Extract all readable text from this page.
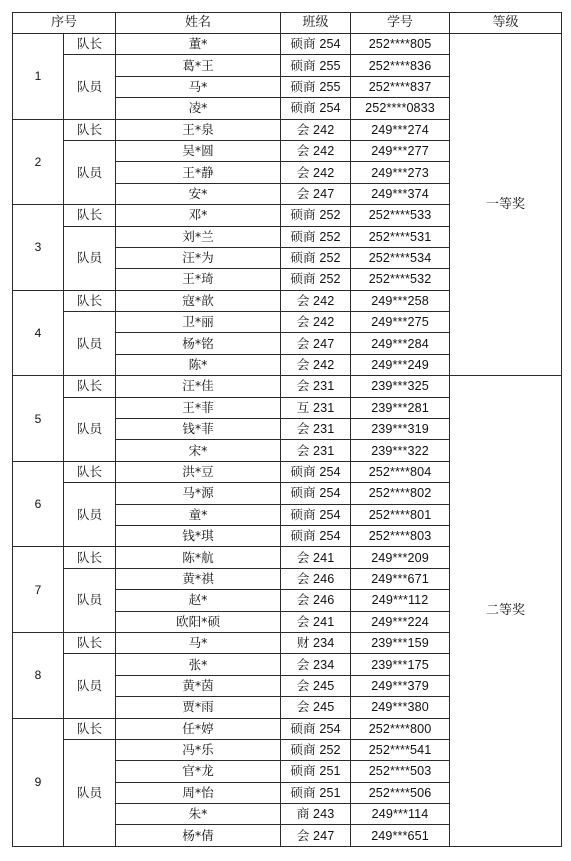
序号		姓名	班级	学号	等级
1	队长	董*	硕商 254	252****805	一等奖
	队员	葛*王	硕商 255	252****836	
		马*	硕商 255	252****837	
		凌*	硕商 254	252****0833	
2	队长	王*泉	会 242	249***274	
	队员	吴*圆	会 242	249***277	
		王*静	会 242	249***273	
		安*	会 247	249***374	
3	队长	邓*	硕商 252	252****533	
	队员	刘*兰	硕商 252	252****531	
		汪*为	硕商 252	252****534	
		王*琦	硕商 252	252****532	
4	队长	寇*歆	会 242	249***258	
	队员	卫*丽	会 242	249***275	
		杨*铭	会 247	249***284	
		陈*	会 242	249***249	
5	队长	汪*佳	会 231	239***325	二等奖
	队员	王*菲	互 231	239***281	
		钱*菲	会 231	239***319	
		宋*	会 231	239***322	
6	队长	洪*豆	硕商 254	252****804	
	队员	马*源	硕商 254	252****802	
		童*	硕商 254	252****801	
		钱*琪	硕商 254	252****803	
7	队长	陈*航	会 241	249***209	
	队员	黄*祺	会 246	249***671	
		赵*	会 246	249***112	
		欧阳*硕	会 241	249***224	
8	队长	马*	财 234	239***159	
	队员	张*	会 234	239***175	
		黄*茵	会 245	249***379	
		贾*雨	会 245	249***380	
9	队长	任*婷	硕商 254	252****800	
	队员	冯*乐	硕商 252	252****541	
		官*龙	硕商 251	252****503	
		周*怡	硕商 251	252****506	
		朱*	商 243	249***114	
		杨*倩	会 247	249***651	
